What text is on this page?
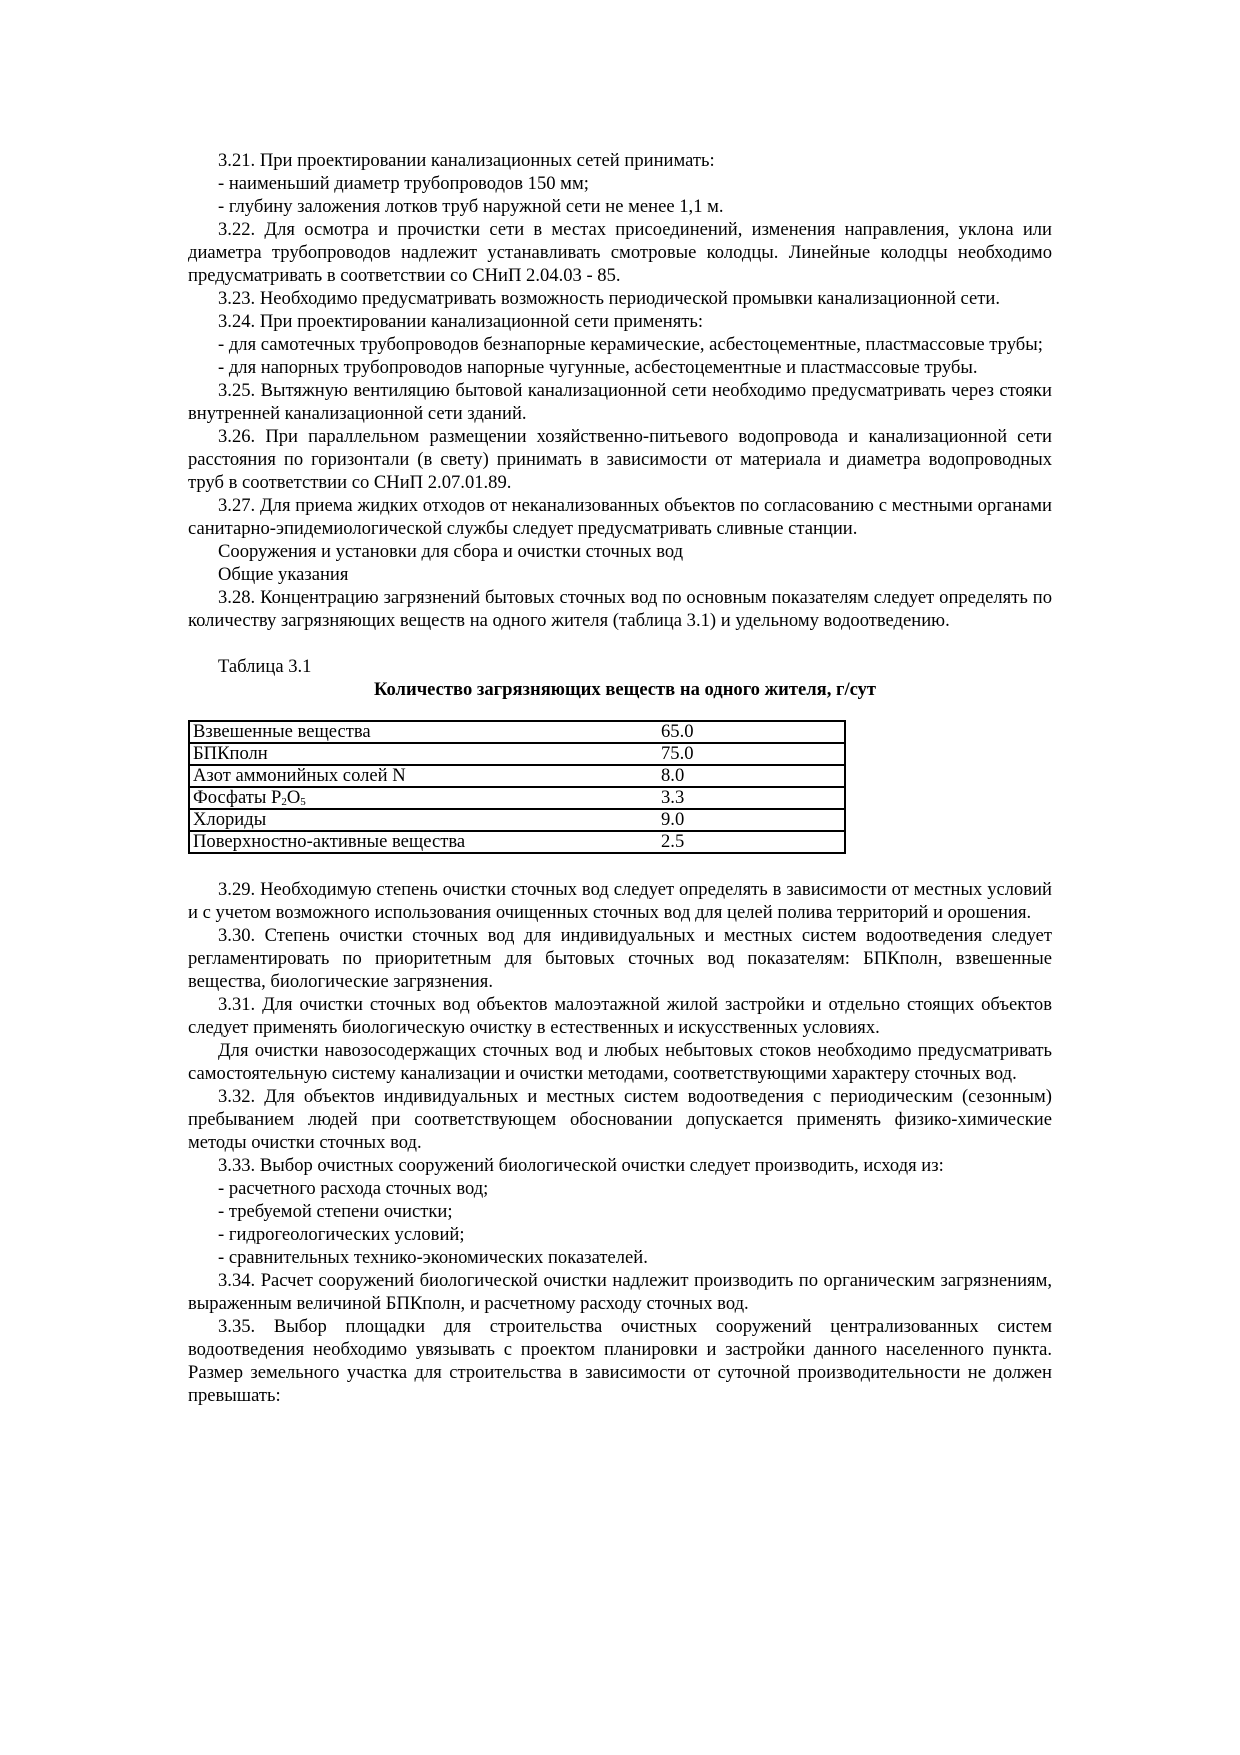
3.21. При проектировании канализационных сетей принимать:

- наименьший диаметр трубопроводов 150 мм;

- глубину заложения лотков труб наружной сети не менее 1,1 м.

3.22. Для осмотра и прочистки сети в местах присоединений, изменения направления, уклона или диаметра трубопроводов надлежит устанавливать смотровые колодцы. Линейные колодцы необходимо предусматривать в соответствии со СНиП 2.04.03 - 85.

3.23. Необходимо предусматривать возможность периодической промывки канализационной сети.

3.24. При проектировании канализационной сети применять:

- для самотечных трубопроводов безнапорные керамические, асбестоцементные, пластмассовые трубы;

- для напорных трубопроводов напорные чугунные, асбестоцементные и пластмассовые трубы.

3.25. Вытяжную вентиляцию бытовой канализационной сети необходимо предусматривать через стояки внутренней канализационной сети зданий.

3.26. При параллельном размещении хозяйственно-питьевого водопровода и канализационной сети расстояния по горизонтали (в свету) принимать в зависимости от материала и диаметра водопроводных труб в соответствии со СНиП 2.07.01.89.

3.27. Для приема жидких отходов от неканализованных объектов по согласованию с местными органами санитарно-эпидемиологической службы следует предусматривать сливные станции.

Сооружения и установки для сбора и очистки сточных вод

Общие указания

3.28. Концентрацию загрязнений бытовых сточных вод по основным показателям следует определять по количеству загрязняющих веществ на одного жителя (таблица 3.1) и удельному водоотведению.

Таблица 3.1

Количество загрязняющих веществ на одного жителя, г/сут

Взвешенные вещества	65.0
БПКполн	75.0
Азот аммонийных солей N	8.0
Фосфаты $P_2O_5$	3.3
Хлориды	9.0
Поверхностно-активные вещества	2.5

3.29. Необходимую степень очистки сточных вод следует определять в зависимости от местных условий и с учетом возможного использования очищенных сточных вод для целей полива территорий и орошения.

3.30. Степень очистки сточных вод для индивидуальных и местных систем водоотведения следует регламентировать по приоритетным для бытовых сточных вод показателям: БПКполн, взвешенные вещества, биологические загрязнения.

3.31. Для очистки сточных вод объектов малоэтажной жилой застройки и отдельно стоящих объектов следует применять биологическую очистку в естественных и искусственных условиях.

Для очистки навозосодержащих сточных вод и любых небытовых стоков необходимо предусматривать самостоятельную систему канализации и очистки методами, соответствующими характеру сточных вод.

3.32. Для объектов индивидуальных и местных систем водоотведения с периодическим (сезонным) пребыванием людей при соответствующем обосновании допускается применять физико-химические методы очистки сточных вод.

3.33. Выбор очистных сооружений биологической очистки следует производить, исходя из:

- расчетного расхода сточных вод;

- требуемой степени очистки;

- гидрогеологических условий;

- сравнительных технико-экономических показателей.

3.34. Расчет сооружений биологической очистки надлежит производить по органическим загрязнениям, выраженным величиной БПКполн, и расчетному расходу сточных вод.

3.35. Выбор площадки для строительства очистных сооружений централизованных систем водоотведения необходимо увязывать с проектом планировки и застройки данного населенного пункта. Размер земельного участка для строительства в зависимости от суточной производительности не должен превышать:
